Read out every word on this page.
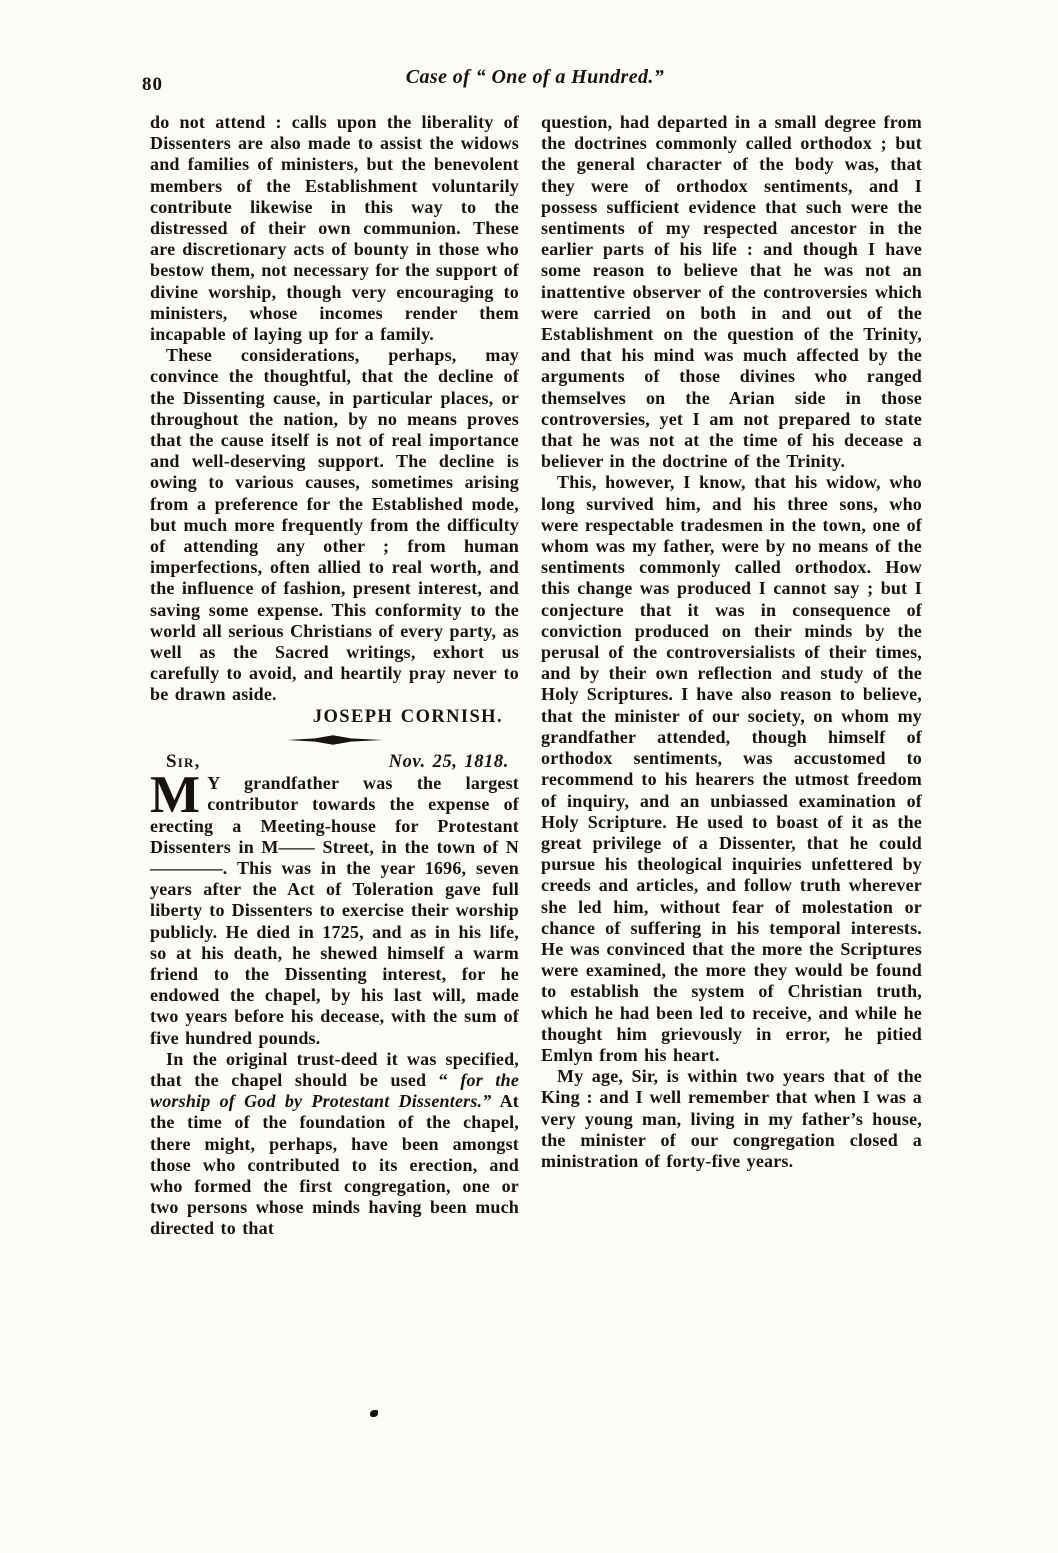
80	Case of “ One of a Hundred.”

do not attend : calls upon the liberality of Dissenters are also made to assist the widows and families of ministers, but the benevolent members of the Establishment voluntarily contribute likewise in this way to the distressed of their own communion. These are discretionary acts of bounty in those who bestow them, not necessary for the support of divine worship, though very encouraging to ministers, whose incomes render them incapable of laying up for a family.

These considerations, perhaps, may convince the thoughtful, that the decline of the Dissenting cause, in particular places, or throughout the nation, by no means proves that the cause itself is not of real importance and well-deserving support. The decline is owing to various causes, sometimes arising from a preference for the Established mode, but much more frequently from the difficulty of attending any other ; from human imperfections, often allied to real worth, and the influence of fashion, present interest, and saving some expense. This conformity to the world all serious Christians of every party, as well as the Sacred writings, exhort us carefully to avoid, and heartily pray never to be drawn aside.

JOSEPH CORNISH.
Sir,	Nov. 25, 1818.

M Y grandfather was the largest contributor towards the expense of erecting a Meeting-house for Protestant Dissenters in M—— Street, in the town of N————. This was in the year 1696, seven years after the Act of Toleration gave full liberty to Dissenters to exercise their worship publicly. He died in 1725, and as in his life, so at his death, he shewed himself a warm friend to the Dissenting interest, for he endowed the chapel, by his last will, made two years before his decease, with the sum of five hundred pounds.

In the original trust-deed it was specified, that the chapel should be used “ for the worship of God by Protestant Dissenters.” At the time of the foundation of the chapel, there might, perhaps, have been amongst those who contributed to its erection, and who formed the first congregation, one or two persons whose minds having been much directed to that

question, had departed in a small degree from the doctrines commonly called orthodox ; but the general character of the body was, that they were of orthodox sentiments, and I possess sufficient evidence that such were the sentiments of my respected ancestor in the earlier parts of his life : and though I have some reason to believe that he was not an inattentive observer of the controversies which were carried on both in and out of the Establishment on the question of the Trinity, and that his mind was much affected by the arguments of those divines who ranged themselves on the Arian side in those controversies, yet I am not prepared to state that he was not at the time of his decease a believer in the doctrine of the Trinity.

This, however, I know, that his widow, who long survived him, and his three sons, who were respectable tradesmen in the town, one of whom was my father, were by no means of the sentiments commonly called orthodox. How this change was produced I cannot say ; but I conjecture that it was in consequence of conviction produced on their minds by the perusal of the controversialists of their times, and by their own reflection and study of the Holy Scriptures. I have also reason to believe, that the minister of our society, on whom my grandfather attended, though himself of orthodox sentiments, was accustomed to recommend to his hearers the utmost freedom of inquiry, and an unbiassed examination of Holy Scripture. He used to boast of it as the great privilege of a Dissenter, that he could pursue his theological inquiries unfettered by creeds and articles, and follow truth wherever she led him, without fear of molestation or chance of suffering in his temporal interests. He was convinced that the more the Scriptures were examined, the more they would be found to establish the system of Christian truth, which he had been led to receive, and while he thought him grievously in error, he pitied Emlyn from his heart.

My age, Sir, is within two years that of the King : and I well remember that when I was a very young man, living in my father’s house, the minister of our congregation closed a ministration of forty-five years.
